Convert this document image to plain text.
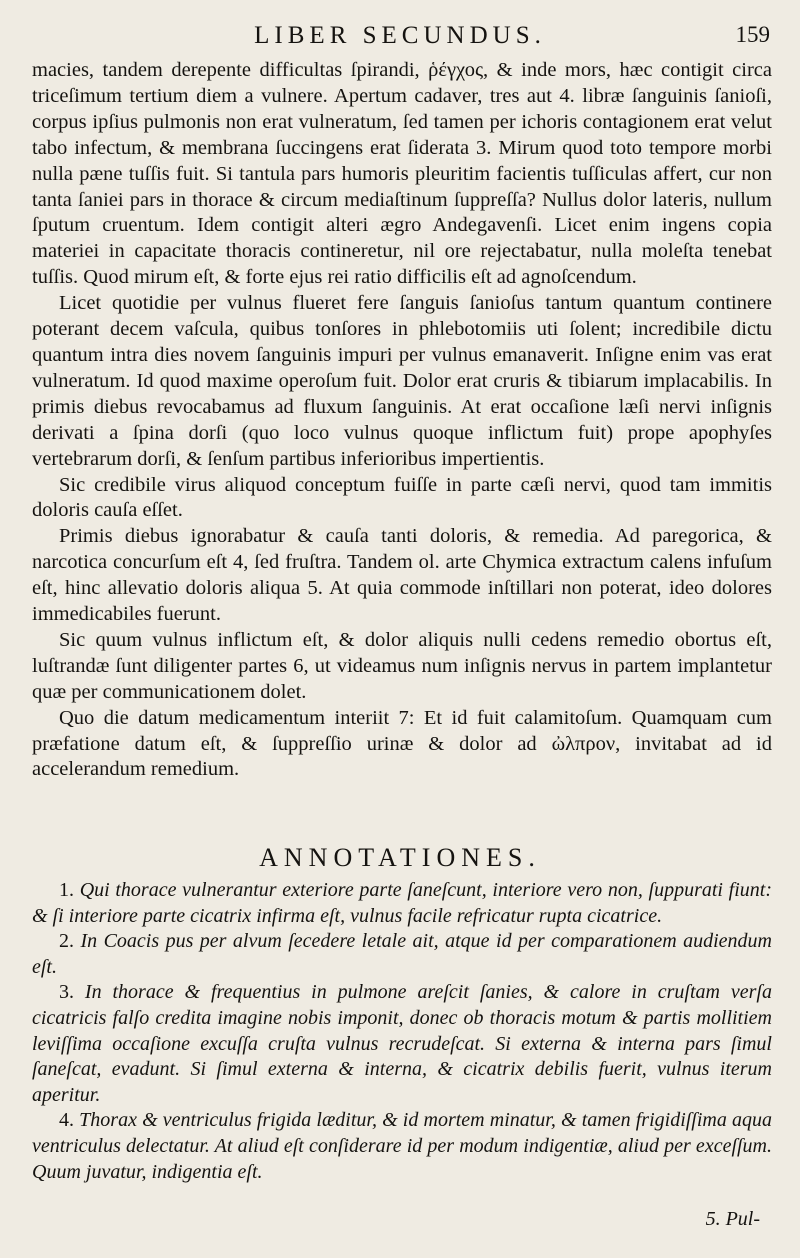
LIBER SECUNDUS.	159

macies, tandem derepente difficultas ſpirandi, ῥέγχος, & inde mors, hæc contigit circa triceſimum tertium diem a vulnere. Apertum cadaver, tres aut 4. libræ ſanguinis ſanioſi, corpus ipſius pulmonis non erat vulneratum, ſed tamen per ichoris contagionem erat velut tabo infectum, & membrana ſuccingens erat ſiderata 3. Mirum quod toto tempore morbi nulla pæne tuſſis fuit. Si tantula pars humoris pleuritim facientis tuſſiculas affert, cur non tanta ſaniei pars in thorace & circum mediaſtinum ſuppreſſa? Nullus dolor lateris, nullum ſputum cruentum. Idem contigit alteri ægro Andegavenſi. Licet enim ingens copia materiei in capacitate thoracis contineretur, nil ore rejectabatur, nulla moleſta tenebat tuſſis. Quod mirum eſt, & forte ejus rei ratio difficilis eſt ad agnoſcendum.

Licet quotidie per vulnus flueret fere ſanguis ſanioſus tantum quantum continere poterant decem vaſcula, quibus tonſores in phlebotomiis uti ſolent; incredibile dictu quantum intra dies novem ſanguinis impuri per vulnus emanaverit. Inſigne enim vas erat vulneratum. Id quod maxime operoſum fuit. Dolor erat cruris & tibiarum implacabilis. In primis diebus revocabamus ad fluxum ſanguinis. At erat occaſione læſi nervi inſignis derivati a ſpina dorſi (quo loco vulnus quoque inflictum fuit) prope apophyſes vertebrarum dorſi, & ſenſum partibus inferioribus impertientis.

Sic credibile virus aliquod conceptum fuiſſe in parte cæſi nervi, quod tam immitis doloris cauſa eſſet.

Primis diebus ignorabatur & cauſa tanti doloris, & remedia. Ad paregorica, & narcotica concurſum eſt 4, ſed fruſtra. Tandem ol. arte Chymica extractum calens infuſum eſt, hinc allevatio doloris aliqua 5. At quia commode inſtillari non poterat, ideo dolores immedicabiles fuerunt.

Sic quum vulnus inflictum eſt, & dolor aliquis nulli cedens remedio obortus eſt, luſtrandæ ſunt diligenter partes 6, ut videamus num inſignis nervus in partem implantetur quæ per communicationem dolet.

Quo die datum medicamentum interiit 7: Et id fuit calamitoſum. Quamquam cum præfatione datum eſt, & ſuppreſſio urinæ & dolor ad ὠλπρον, invitabat ad id accelerandum remedium.

ANNOTATIONES.

1. Qui thorace vulnerantur exteriore parte ſaneſcunt, interiore vero non, ſuppurati fiunt: & ſi interiore parte cicatrix infirma eſt, vulnus facile refricatur rupta cicatrice.

2. In Coacis pus per alvum ſecedere letale ait, atque id per comparationem audiendum eſt.

3. In thorace & frequentius in pulmone areſcit ſanies, & calore in cruſtam verſa cicatricis falſo credita imagine nobis imponit, donec ob thoracis motum & partis mollitiem leviſſima occaſione excuſſa cruſta vulnus recrudeſcat. Si externa & interna pars ſimul ſaneſcat, evadunt. Si ſimul externa & interna, & cicatrix debilis fuerit, vulnus iterum aperitur.

4. Thorax & ventriculus frigida læditur, & id mortem minatur, & tamen frigidiſſima aqua ventriculus delectatur. At aliud eſt conſiderare id per modum indigentiæ, aliud per exceſſum. Quum juvatur, indigentia eſt.

5. Pul-
